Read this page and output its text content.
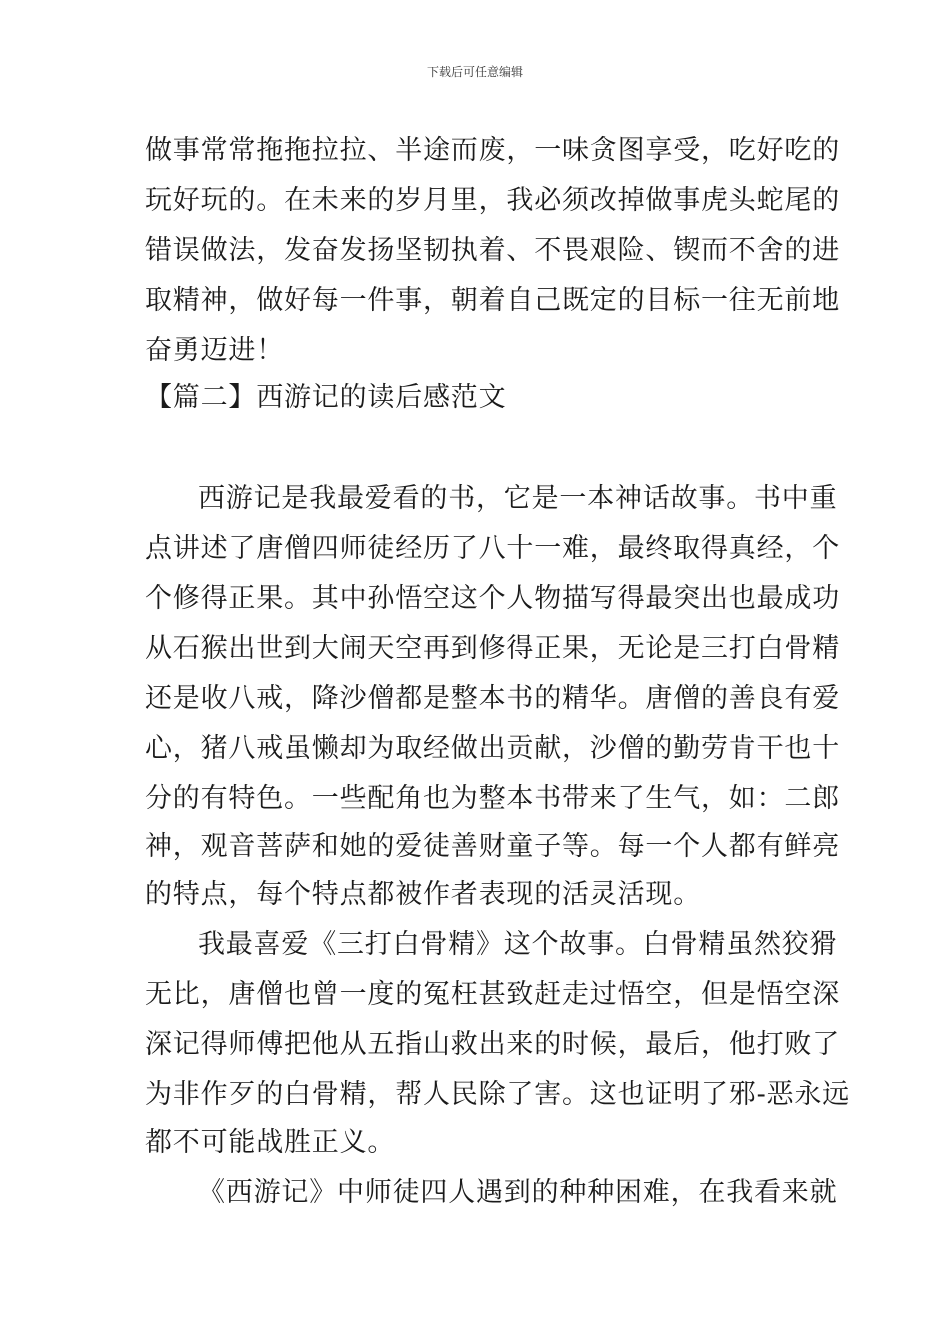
下载后可任意编辑
做事常常拖拖拉拉、半途而废，一味贪图享受，吃好吃的
玩好玩的。在未来的岁月里，我必须改掉做事虎头蛇尾的
错误做法，发奋发扬坚韧执着、不畏艰险、锲而不舍的进
取精神，做好每一件事，朝着自己既定的目标一往无前地
奋勇迈进！
【篇二】西游记的读后感范文
西游记是我最爱看的书，它是一本神话故事。书中重
点讲述了唐僧四师徒经历了八十一难，最终取得真经，个
个修得正果。其中孙悟空这个人物描写得最突出也最成功
从石猴出世到大闹天空再到修得正果，无论是三打白骨精
还是收八戒，降沙僧都是整本书的精华。唐僧的善良有爱
心，猪八戒虽懒却为取经做出贡献，沙僧的勤劳肯干也十
分的有特色。一些配角也为整本书带来了生气，如：二郎
神，观音菩萨和她的爱徒善财童子等。每一个人都有鲜亮
的特点，每个特点都被作者表现的活灵活现。
我最喜爱《三打白骨精》这个故事。白骨精虽然狡猾
无比，唐僧也曾一度的冤枉甚致赶走过悟空，但是悟空深
深记得师傅把他从五指山救出来的时候，最后，他打败了
为非作歹的白骨精，帮人民除了害。这也证明了邪-恶永远
都不可能战胜正义。
《西游记》中师徒四人遇到的种种困难，在我看来就
